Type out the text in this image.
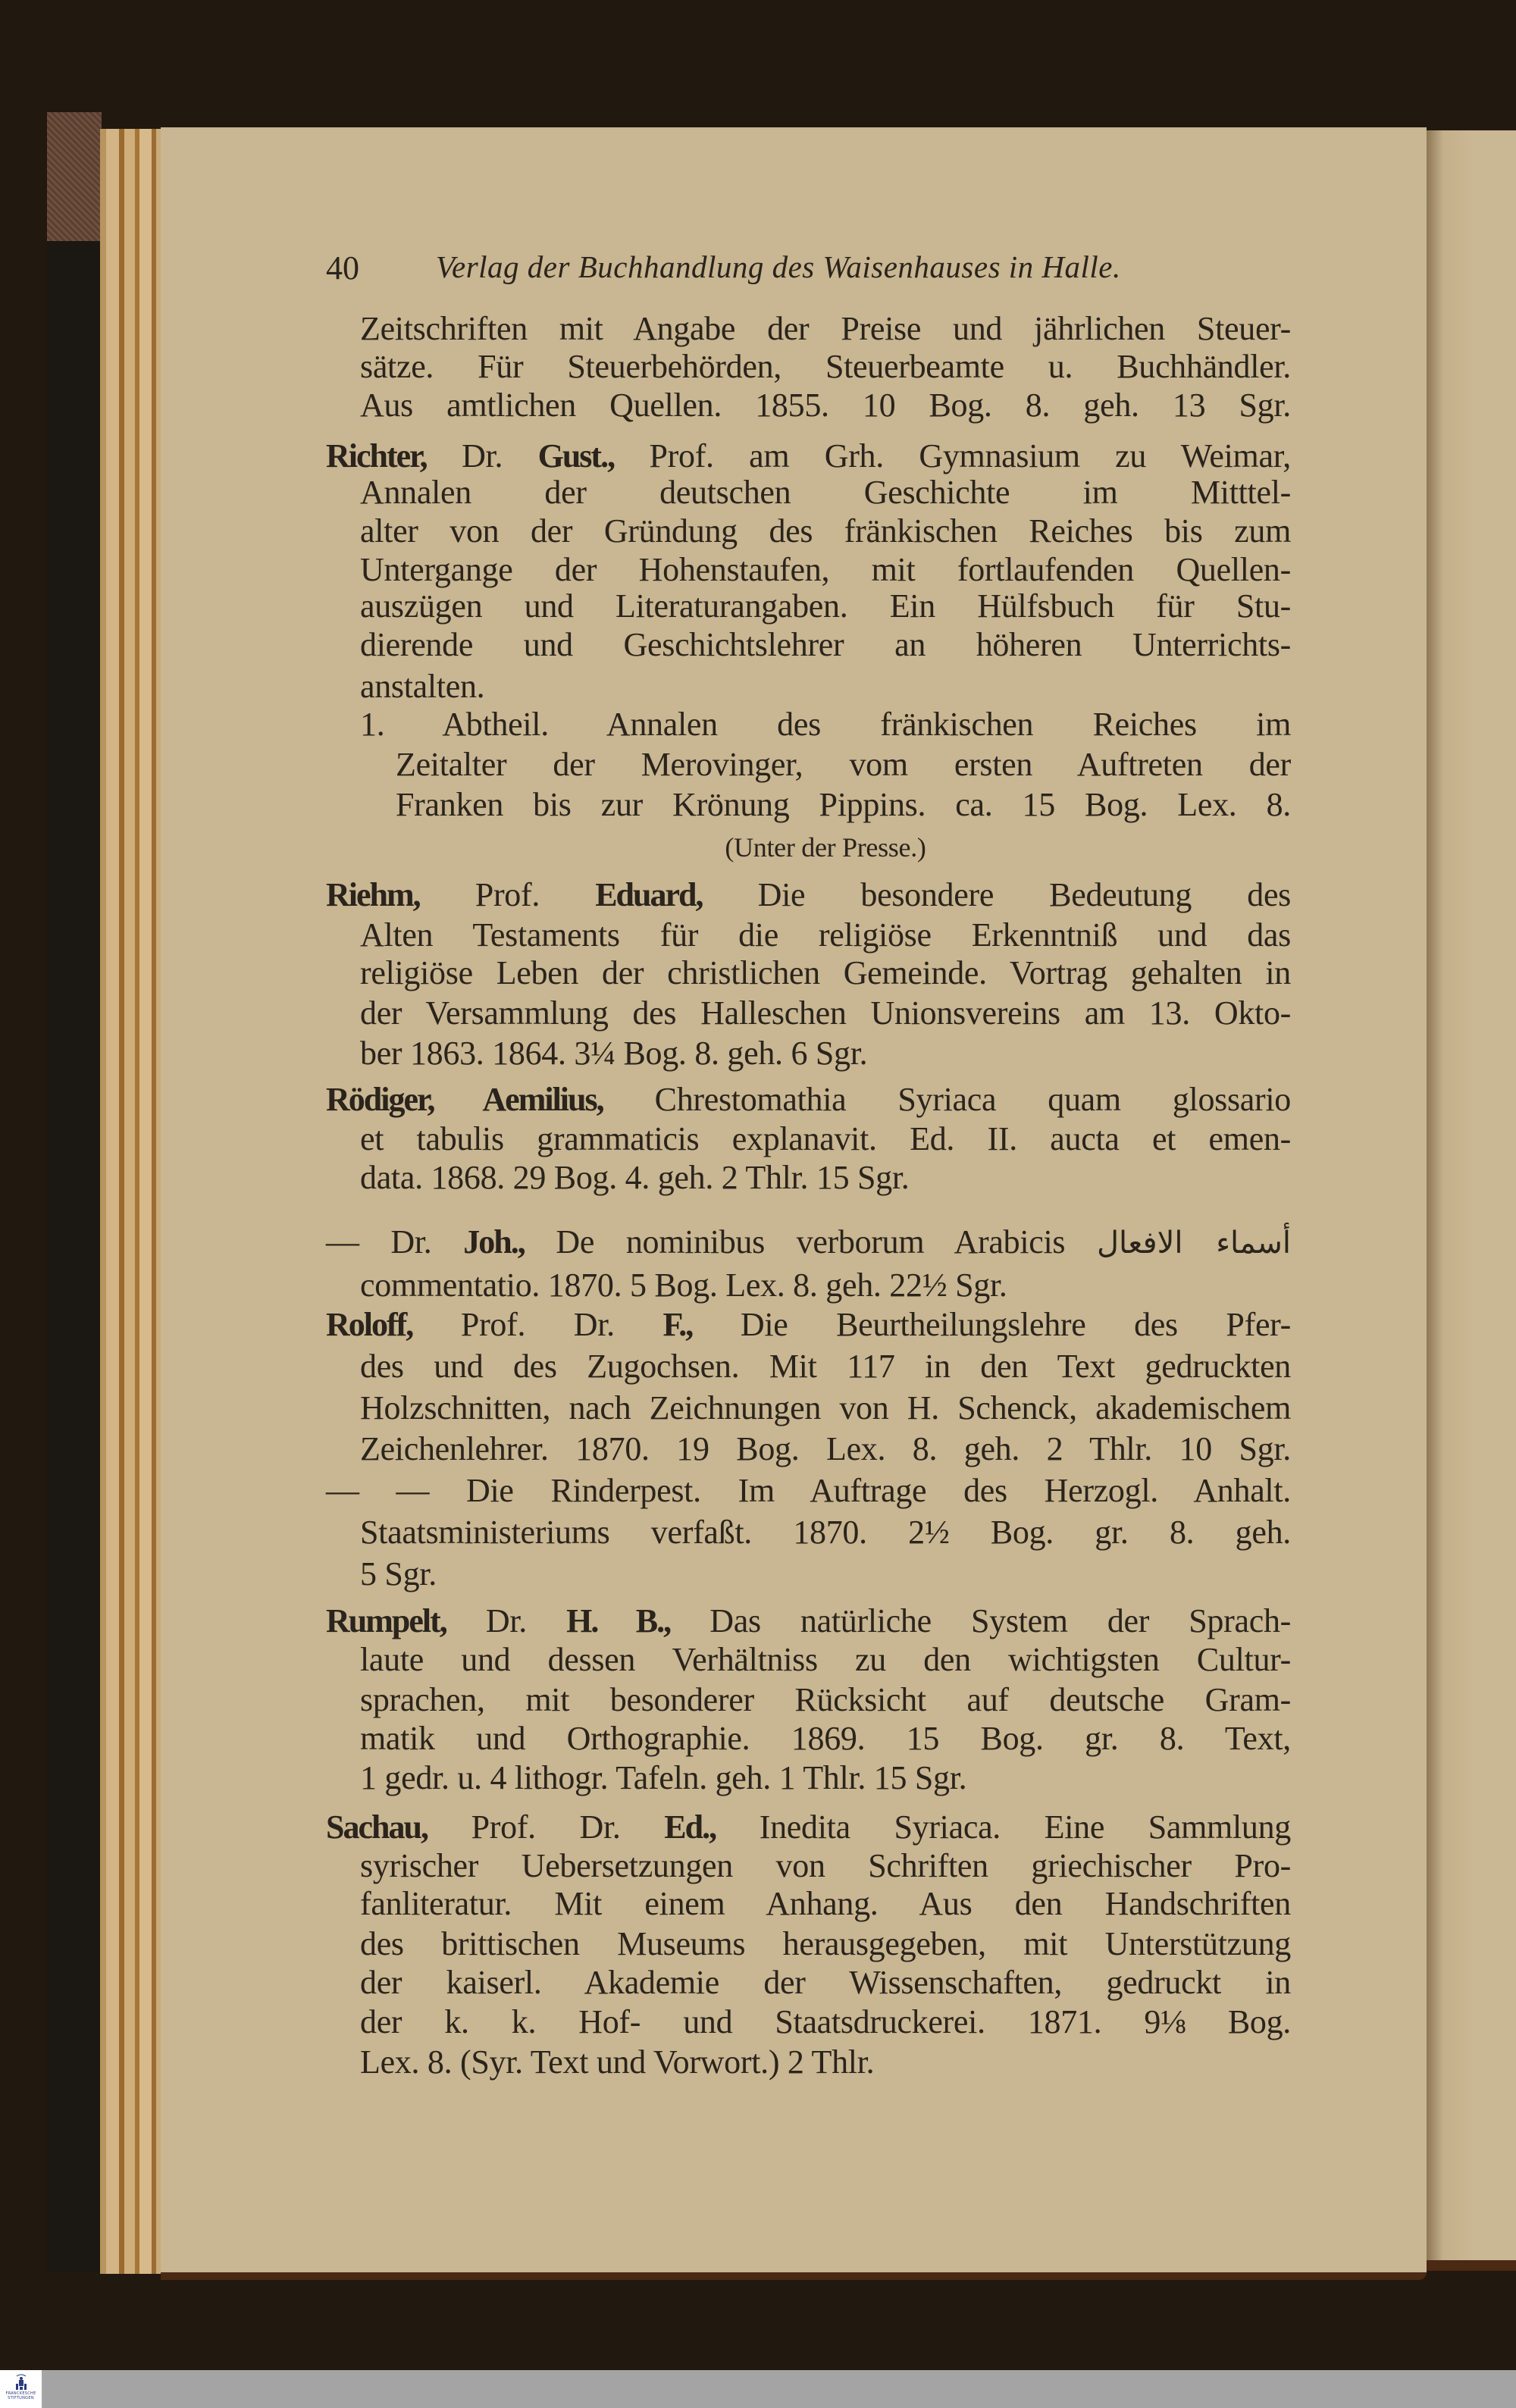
40 Verlag der Buchhandlung des Waisenhauses in Halle.
Zeitschriften mit Angabe der Preise und jährlichen Steuer-
sätze. Für Steuerbehörden, Steuerbeamte u. Buchhändler.
Aus amtlichen Quellen. 1855. 10 Bog. 8. geh. 13 Sgr.
Richter, Dr. Gust., Prof. am Grh. Gymnasium zu Weimar,
Annalen der deutschen Geschichte im Mitttel-
alter von der Gründung des fränkischen Reiches bis zum
Untergange der Hohenstaufen, mit fortlaufenden Quellen-
auszügen und Literaturangaben. Ein Hülfsbuch für Stu-
dierende und Geschichtslehrer an höheren Unterrichts-
anstalten.
1. Abtheil. Annalen des fränkischen Reiches im
Zeitalter der Merovinger, vom ersten Auftreten der
Franken bis zur Krönung Pippins. ca. 15 Bog. Lex. 8.
(Unter der Presse.)
Riehm, Prof. Eduard, Die besondere Bedeutung des
Alten Testaments für die religiöse Erkenntniß und das
religiöse Leben der christlichen Gemeinde. Vortrag gehalten in
der Versammlung des Halleschen Unionsvereins am 13. Okto-
ber 1863. 1864. 3¼ Bog. 8. geh. 6 Sgr.
Rödiger, Aemilius, Chrestomathia Syriaca quam glossario
et tabulis grammaticis explanavit. Ed. II. aucta et emen-
data. 1868. 29 Bog. 4. geh. 2 Thlr. 15 Sgr.
— Dr. Joh., De nominibus verborum Arabicis أسماء الافعال
commentatio. 1870. 5 Bog. Lex. 8. geh. 22½ Sgr.
Roloff, Prof. Dr. F., Die Beurtheilungslehre des Pfer-
des und des Zugochsen. Mit 117 in den Text gedruckten
Holzschnitten, nach Zeichnungen von H. Schenck, akademischem
Zeichenlehrer. 1870. 19 Bog. Lex. 8. geh. 2 Thlr. 10 Sgr.
— — Die Rinderpest. Im Auftrage des Herzogl. Anhalt.
Staatsministeriums verfaßt. 1870. 2½ Bog. gr. 8. geh.
5 Sgr.
Rumpelt, Dr. H. B., Das natürliche System der Sprach-
laute und dessen Verhältniss zu den wichtigsten Cultur-
sprachen, mit besonderer Rücksicht auf deutsche Gram-
matik und Orthographie. 1869. 15 Bog. gr. 8. Text,
1 gedr. u. 4 lithogr. Tafeln. geh. 1 Thlr. 15 Sgr.
Sachau, Prof. Dr. Ed., Inedita Syriaca. Eine Sammlung
syrischer Uebersetzungen von Schriften griechischer Pro-
fanliteratur. Mit einem Anhang. Aus den Handschriften
des brittischen Museums herausgegeben, mit Unterstützung
der kaiserl. Akademie der Wissenschaften, gedruckt in
der k. k. Hof- und Staatsdruckerei. 1871. 9⅛ Bog.
Lex. 8. (Syr. Text und Vorwort.) 2 Thlr.
FRANCKESCHE
STIFTUNGEN
